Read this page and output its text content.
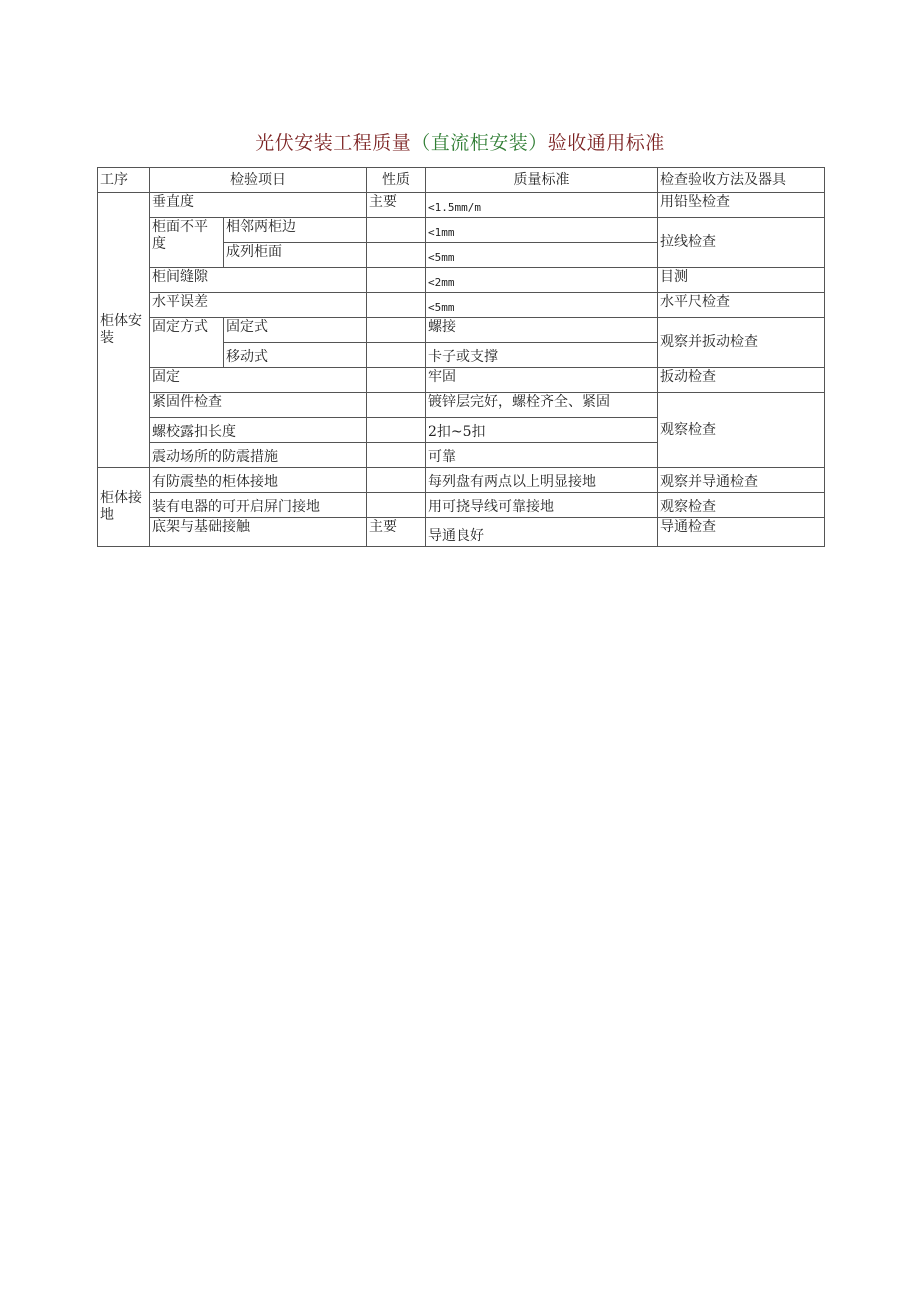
光伏安装工程质量（直流柜安装）验收通用标准
工序	检验项日		性质	质量标准	检查验收方法及器具
柜体安装	垂直度		主要	<1.5mm/m	用铅坠检查
	柜面不平度	相邻两柜边		<1mm	拉线检查
		成列柜面		<5mm	
	柜间缝隙			<2mm	目测
	水平误差			<5mm	水平尺检查
	固定方式	固定式		螺接	观察并扳动检查
		移动式		卡子或支撑	
	固定			牢固	扳动检查
	紧固件检查			镀锌层完好，螺栓齐全、紧固	观察检查
	螺校露扣长度			2扣~5扣	
	震动场所的防震措施			可靠	
柜体接地	有防震垫的柜体接地			每列盘有两点以上明显接地	观察并导通检查
	装有电器的可开启屏门接地			用可挠导线可靠接地	观察检查
	底架与基础接触		主要	导通良好	导通检查
